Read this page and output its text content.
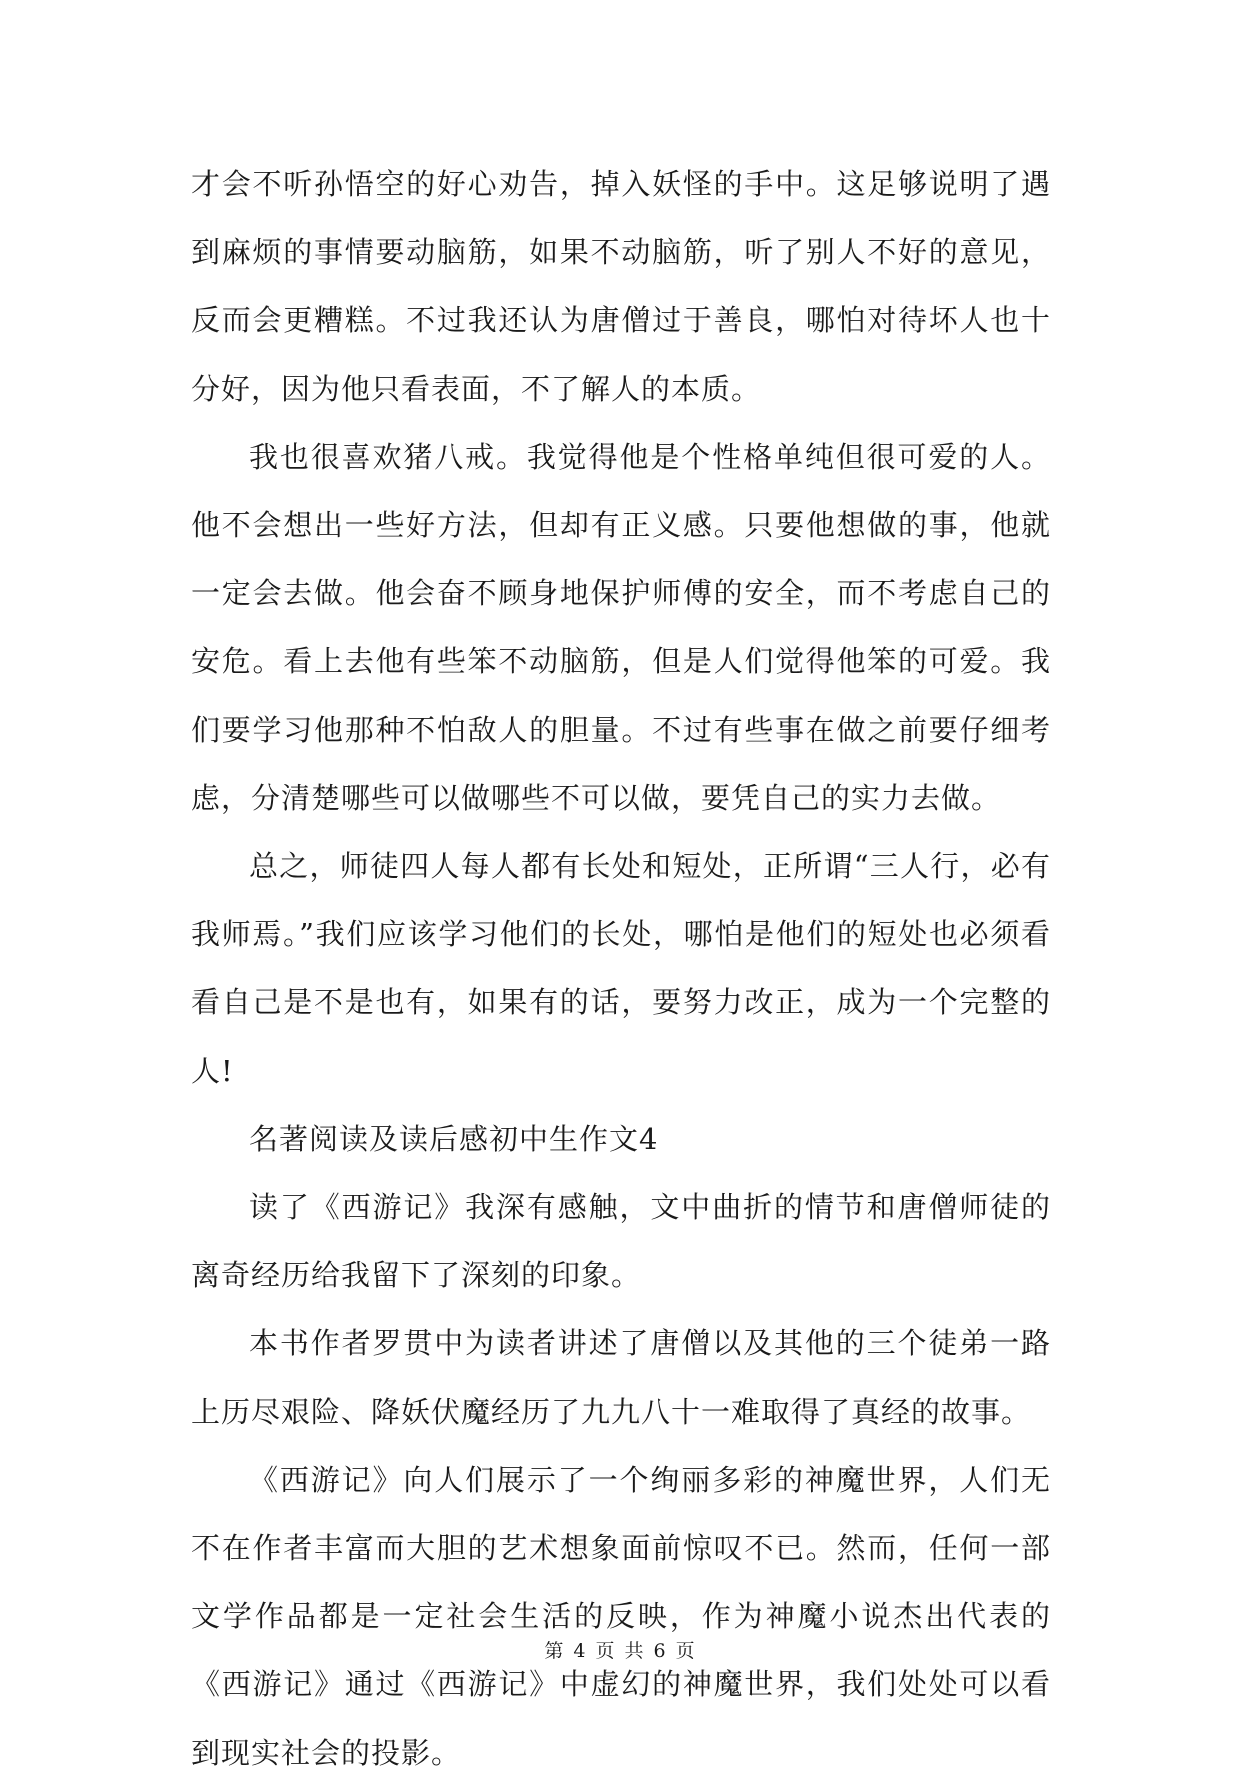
才会不听孙悟空的好心劝告，掉入妖怪的手中。这足够说明了遇到麻烦的事情要动脑筋，如果不动脑筋，听了别人不好的意见，反而会更糟糕。不过我还认为唐僧过于善良，哪怕对待坏人也十分好，因为他只看表面，不了解人的本质。

我也很喜欢猪八戒。我觉得他是个性格单纯但很可爱的人。他不会想出一些好方法，但却有正义感。只要他想做的事，他就一定会去做。他会奋不顾身地保护师傅的安全，而不考虑自己的安危。看上去他有些笨不动脑筋，但是人们觉得他笨的可爱。我们要学习他那种不怕敌人的胆量。不过有些事在做之前要仔细考虑，分清楚哪些可以做哪些不可以做，要凭自己的实力去做。

总之，师徒四人每人都有长处和短处，正所谓“三人行，必有我师焉。”我们应该学习他们的长处，哪怕是他们的短处也必须看看自己是不是也有，如果有的话，要努力改正，成为一个完整的人!

名著阅读及读后感初中生作文4

读了《西游记》我深有感触，文中曲折的情节和唐僧师徒的离奇经历给我留下了深刻的印象。

本书作者罗贯中为读者讲述了唐僧以及其他的三个徒弟一路上历尽艰险、降妖伏魔经历了九九八十一难取得了真经的故事。

《西游记》向人们展示了一个绚丽多彩的神魔世界，人们无不在作者丰富而大胆的艺术想象面前惊叹不已。然而，任何一部文学作品都是一定社会生活的反映，作为神魔小说杰出代表的《西游记》通过《西游记》中虚幻的神魔世界，我们处处可以看到现实社会的投影。

第 4 页 共 6 页
